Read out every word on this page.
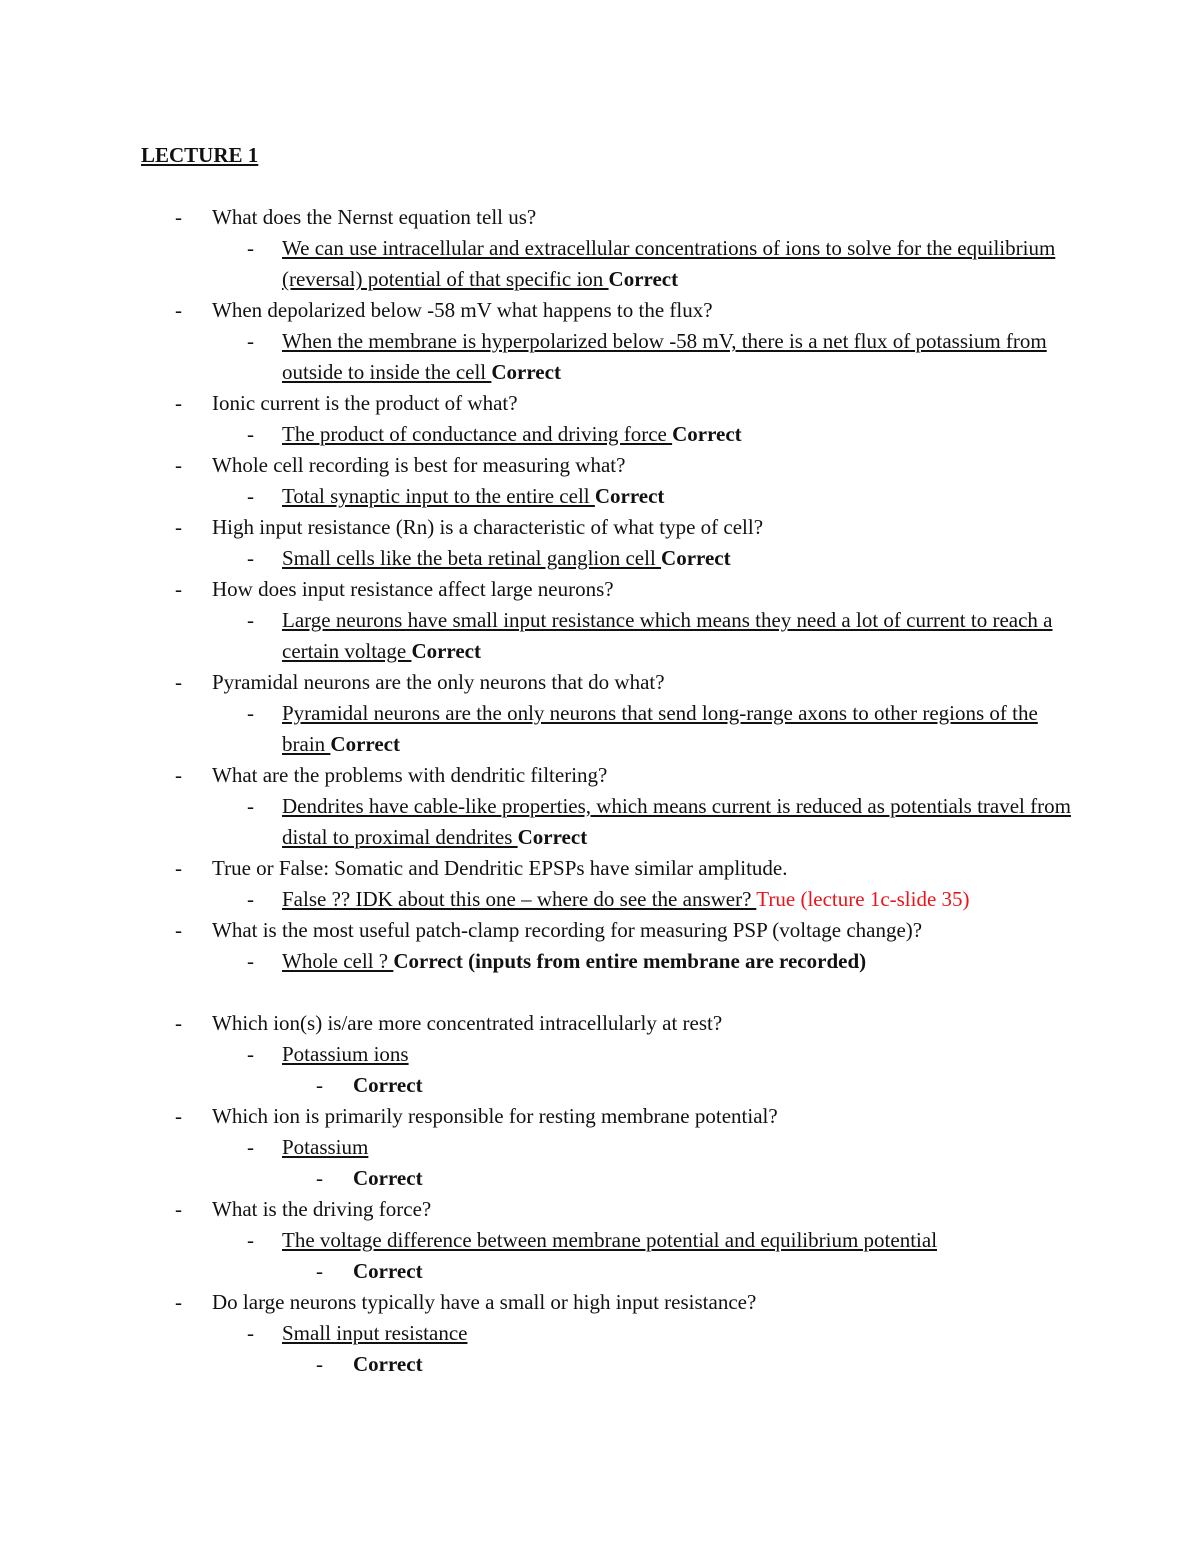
LECTURE 1
- What does the Nernst equation tell us?
- We can use intracellular and extracellular concentrations of ions to solve for the equilibrium (reversal) potential of that specific ion Correct
- When depolarized below -58 mV what happens to the flux?
- When the membrane is hyperpolarized below -58 mV, there is a net flux of potassium from outside to inside the cell Correct
- Ionic current is the product of what?
- The product of conductance and driving force Correct
- Whole cell recording is best for measuring what?
- Total synaptic input to the entire cell Correct
- High input resistance (Rn) is a characteristic of what type of cell?
- Small cells like the beta retinal ganglion cell Correct
- How does input resistance affect large neurons?
- Large neurons have small input resistance which means they need a lot of current to reach a certain voltage Correct
- Pyramidal neurons are the only neurons that do what?
- Pyramidal neurons are the only neurons that send long-range axons to other regions of the brain Correct
- What are the problems with dendritic filtering?
- Dendrites have cable-like properties, which means current is reduced as potentials travel from distal to proximal dendrites Correct
- True or False: Somatic and Dendritic EPSPs have similar amplitude.
- False ?? IDK about this one – where do see the answer? True (lecture 1c-slide 35)
- What is the most useful patch-clamp recording for measuring PSP (voltage change)?
- Whole cell ? Correct (inputs from entire membrane are recorded)
- Which ion(s) is/are more concentrated intracellularly at rest?
- Potassium ions
- Correct
- Which ion is primarily responsible for resting membrane potential?
- Potassium
- Correct
- What is the driving force?
- The voltage difference between membrane potential and equilibrium potential
- Correct
- Do large neurons typically have a small or high input resistance?
- Small input resistance
- Correct
